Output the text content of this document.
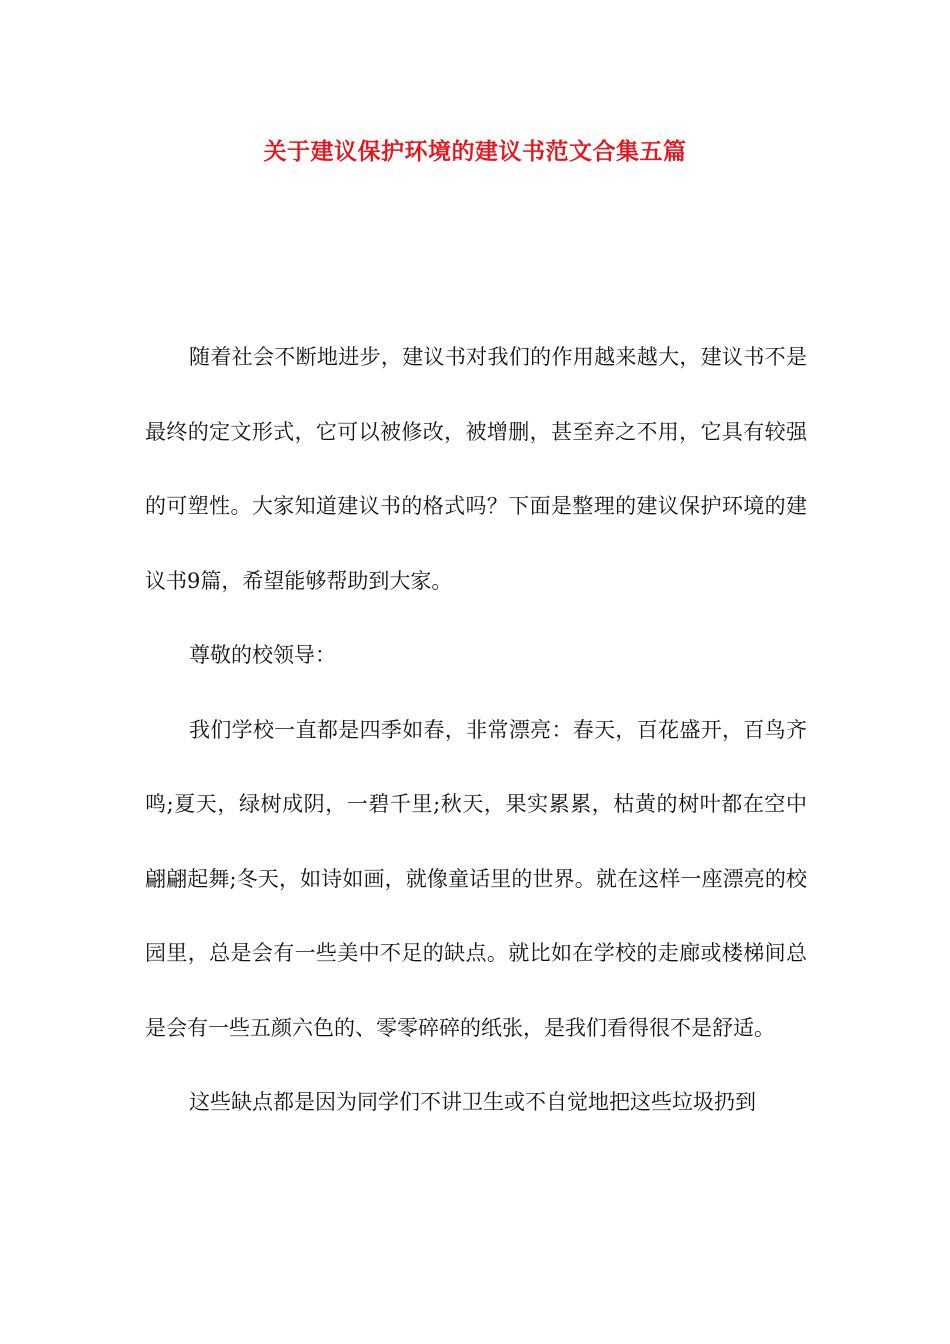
关于建议保护环境的建议书范文合集五篇

随着社会不断地进步，建议书对我们的作用越来越大，建议书不是最终的定文形式，它可以被修改，被增删，甚至弃之不用，它具有较强的可塑性。大家知道建议书的格式吗？下面是整理的建议保护环境的建议书9篇，希望能够帮助到大家。

尊敬的校领导：

我们学校一直都是四季如春，非常漂亮：春天，百花盛开，百鸟齐鸣;夏天，绿树成阴，一碧千里;秋天，果实累累，枯黄的树叶都在空中翩翩起舞;冬天，如诗如画，就像童话里的世界。就在这样一座漂亮的校园里，总是会有一些美中不足的缺点。就比如在学校的走廊或楼梯间总是会有一些五颜六色的、零零碎碎的纸张，是我们看得很不是舒适。

这些缺点都是因为同学们不讲卫生或不自觉地把这些垃圾扔到
